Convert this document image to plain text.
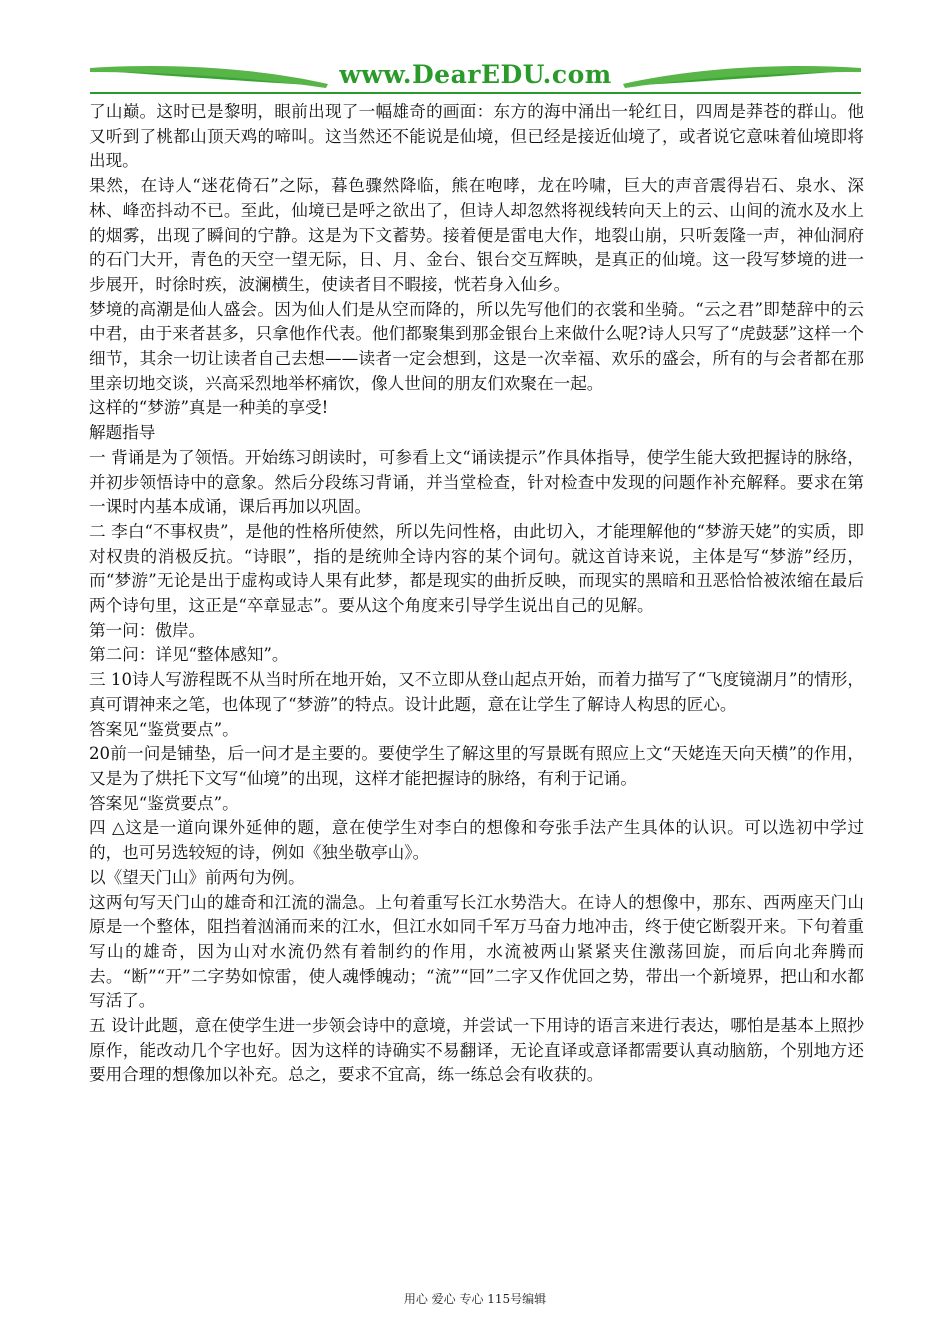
www.DearEDU.com

了山巅。这时已是黎明，眼前出现了一幅雄奇的画面：东方的海中涌出一轮红日，四周是莽苍的群山。他又听到了桃都山顶天鸡的啼叫。这当然还不能说是仙境，但已经是接近仙境了，或者说它意味着仙境即将出现。

果然，在诗人“迷花倚石”之际，暮色骤然降临，熊在咆哮，龙在吟啸，巨大的声音震得岩石、泉水、深林、峰峦抖动不已。至此，仙境已是呼之欲出了，但诗人却忽然将视线转向天上的云、山间的流水及水上的烟雾，出现了瞬间的宁静。这是为下文蓄势。接着便是雷电大作，地裂山崩，只听轰隆一声，神仙洞府的石门大开，青色的天空一望无际，日、月、金台、银台交互辉映，是真正的仙境。这一段写梦境的进一步展开，时徐时疾，波澜横生，使读者目不暇接，恍若身入仙乡。

梦境的高潮是仙人盛会。因为仙人们是从空而降的，所以先写他们的衣裳和坐骑。“云之君”即楚辞中的云中君，由于来者甚多，只拿他作代表。他们都聚集到那金银台上来做什么呢?诗人只写了“虎鼓瑟”这样一个细节，其余一切让读者自己去想——读者一定会想到，这是一次幸福、欢乐的盛会，所有的与会者都在那里亲切地交谈，兴高采烈地举杯痛饮，像人世间的朋友们欢聚在一起。

这样的“梦游”真是一种美的享受!

解题指导

一 背诵是为了领悟。开始练习朗读时，可参看上文“诵读提示”作具体指导，使学生能大致把握诗的脉络，并初步领悟诗中的意象。然后分段练习背诵，并当堂检查，针对检查中发现的问题作补充解释。要求在第一课时内基本成诵，课后再加以巩固。

二 李白“不事权贵”，是他的性格所使然，所以先问性格，由此切入，才能理解他的“梦游天姥”的实质，即对权贵的消极反抗。“诗眼”，指的是统帅全诗内容的某个词句。就这首诗来说，主体是写“梦游”经历，而“梦游”无论是出于虚构或诗人果有此梦，都是现实的曲折反映，而现实的黑暗和丑恶恰恰被浓缩在最后两个诗句里，这正是“卒章显志”。要从这个角度来引导学生说出自己的见解。

第一问：傲岸。

第二问：详见“整体感知”。

三 10诗人写游程既不从当时所在地开始，又不立即从登山起点开始，而着力描写了“飞度镜湖月”的情形，真可谓神来之笔，也体现了“梦游”的特点。设计此题，意在让学生了解诗人构思的匠心。

答案见“鉴赏要点”。

20前一问是铺垫，后一问才是主要的。要使学生了解这里的写景既有照应上文“天姥连天向天横”的作用，又是为了烘托下文写“仙境”的出现，这样才能把握诗的脉络，有利于记诵。

答案见“鉴赏要点”。

四 △这是一道向课外延伸的题，意在使学生对李白的想像和夸张手法产生具体的认识。可以选初中学过的，也可另选较短的诗，例如《独坐敬亭山》。

以《望天门山》前两句为例。

这两句写天门山的雄奇和江流的湍急。上句着重写长江水势浩大。在诗人的想像中，那东、西两座天门山原是一个整体，阻挡着汹涌而来的江水，但江水如同千军万马奋力地冲击，终于使它断裂开来。下句着重写山的雄奇，因为山对水流仍然有着制约的作用，水流被两山紧紧夹住激荡回旋，而后向北奔腾而去。“断”“开”二字势如惊雷，使人魂悸魄动；“流”“回”二字又作优回之势，带出一个新境界，把山和水都写活了。

五 设计此题，意在使学生进一步领会诗中的意境，并尝试一下用诗的语言来进行表达，哪怕是基本上照抄原作，能改动几个字也好。因为这样的诗确实不易翻译，无论直译或意译都需要认真动脑筋，个别地方还要用合理的想像加以补充。总之，要求不宜高，练一练总会有收获的。

用心 爱心 专心 115号编辑
